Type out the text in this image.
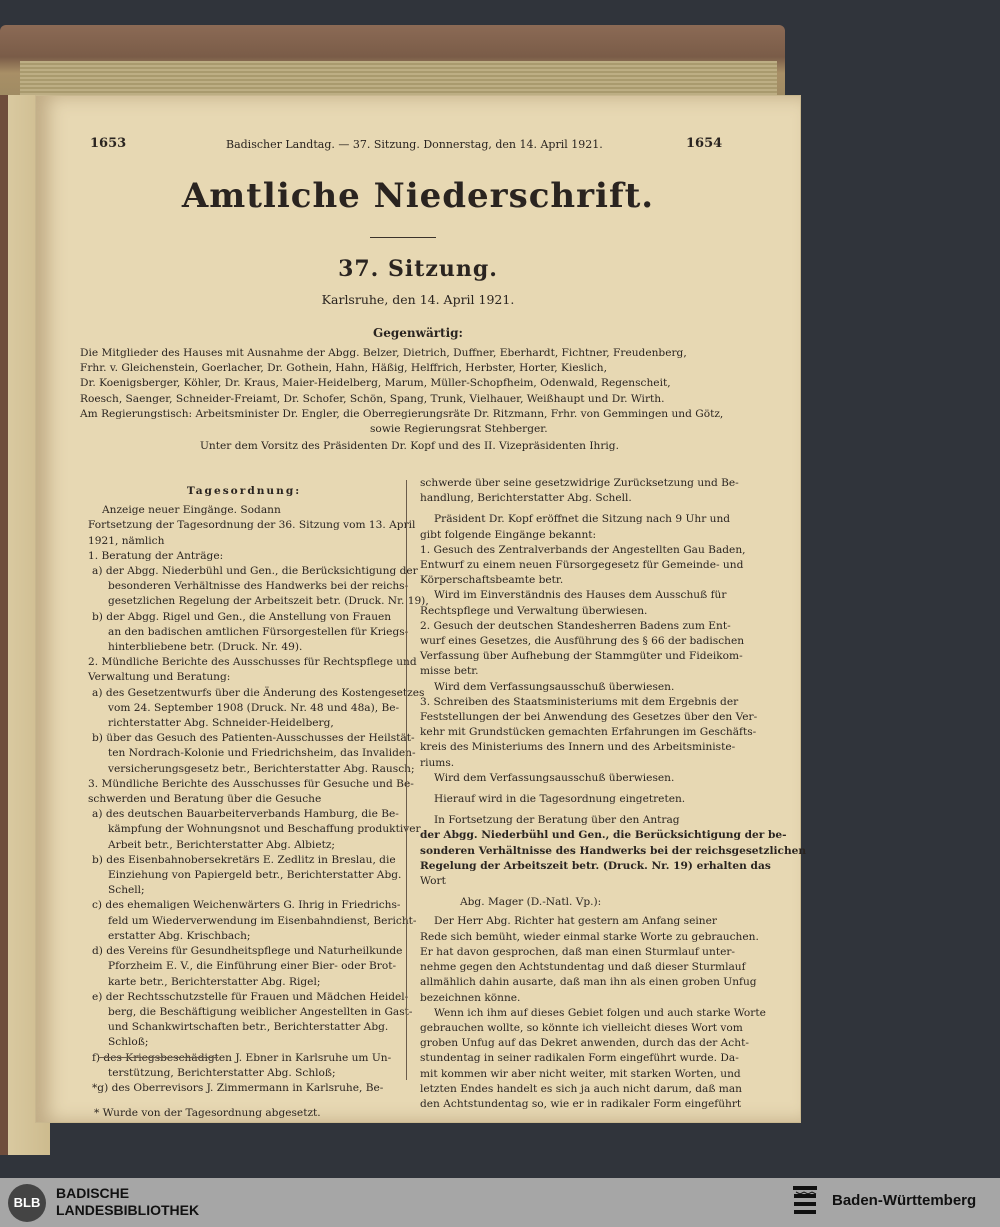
1653	Badischer Landtag. — 37. Sitzung. Donnerstag, den 14. April 1921.	1654
Amtliche Niederschrift.
37. Sitzung.
Karlsruhe, den 14. April 1921.
Gegenwärtig:
Die Mitglieder des Hauses mit Ausnahme der Abgg. Belzer, Dietrich, Duffner, Eberhardt, Fichtner, Freudenberg,
Frhr. v. Gleichenstein, Goerlacher, Dr. Gothein, Hahn, Häßig, Helffrich, Herbster, Horter, Kieslich,
Dr. Koenigsberger, Köhler, Dr. Kraus, Maier-Heidelberg, Marum, Müller-Schopfheim, Odenwald, Regenscheit,
Roesch, Saenger, Schneider-Freiamt, Dr. Schofer, Schön, Spang, Trunk, Vielhauer, Weißhaupt und Dr. Wirth.
Am Regierungstisch: Arbeitsminister Dr. Engler, die Oberregierungsräte Dr. Ritzmann, Frhr. von Gemmingen und Götz,
sowie Regierungsrat Stehberger.
Unter dem Vorsitz des Präsidenten Dr. Kopf und des II. Vizepräsidenten Ihrig.
Tagesordnung:
Anzeige neuer Eingänge. Sodann
Fortsetzung der Tagesordnung der 36. Sitzung vom 13. April
1921, nämlich
1. Beratung der Anträge:
a) der Abgg. Niederbühl und Gen., die Berücksichtigung der
besonderen Verhältnisse des Handwerks bei der reichs-
gesetzlichen Regelung der Arbeitszeit betr. (Druck. Nr. 19),
b) der Abgg. Rigel und Gen., die Anstellung von Frauen
an den badischen amtlichen Fürsorgestellen für Kriegs-
hinterbliebene betr. (Druck. Nr. 49).
2. Mündliche Berichte des Ausschusses für Rechtspflege und
Verwaltung und Beratung:
a) des Gesetzentwurfs über die Änderung des Kostengesetzes
vom 24. September 1908 (Druck. Nr. 48 und 48a), Be-
richterstatter Abg. Schneider-Heidelberg,
b) über das Gesuch des Patienten-Ausschusses der Heilstät-
ten Nordrach-Kolonie und Friedrichsheim, das Invaliden-
versicherungsgesetz betr., Berichterstatter Abg. Rausch;
3. Mündliche Berichte des Ausschusses für Gesuche und Be-
schwerden und Beratung über die Gesuche
a) des deutschen Bauarbeiterverbands Hamburg, die Be-
kämpfung der Wohnungsnot und Beschaffung produktiver
Arbeit betr., Berichterstatter Abg. Albietz;
b) des Eisenbahnobersekretärs E. Zedlitz in Breslau, die
Einziehung von Papiergeld betr., Berichterstatter Abg.
Schell;
c) des ehemaligen Weichenwärters G. Ihrig in Friedrichs-
feld um Wiederverwendung im Eisenbahndienst, Bericht-
erstatter Abg. Krischbach;
d) des Vereins für Gesundheitspflege und Naturheilkunde
Pforzheim E. V., die Einführung einer Bier- oder Brot-
karte betr., Berichterstatter Abg. Rigel;
e) der Rechtsschutzstelle für Frauen und Mädchen Heidel-
berg, die Beschäftigung weiblicher Angestellten in Gast-
und Schankwirtschaften betr., Berichterstatter Abg.
Schloß;
f) des Kriegsbeschädigten J. Ebner in Karlsruhe um Un-
terstützung, Berichterstatter Abg. Schloß;
*g) des Oberrevisors J. Zimmermann in Karlsruhe, Be-
* Wurde von der Tagesordnung abgesetzt.
schwerde über seine gesetzwidrige Zurücksetzung und Be-
handlung, Berichterstatter Abg. Schell.
Präsident Dr. Kopf eröffnet die Sitzung nach 9 Uhr und
gibt folgende Eingänge bekannt:
1. Gesuch des Zentralverbands der Angestellten Gau Baden,
Entwurf zu einem neuen Fürsorgegesetz für Gemeinde- und
Körperschaftsbeamte betr.
Wird im Einverständnis des Hauses dem Ausschuß für
Rechtspflege und Verwaltung überwiesen.
2. Gesuch der deutschen Standesherren Badens zum Ent-
wurf eines Gesetzes, die Ausführung des § 66 der badischen
Verfassung über Aufhebung der Stammgüter und Fideikom-
misse betr.
Wird dem Verfassungsausschuß überwiesen.
3. Schreiben des Staatsministeriums mit dem Ergebnis der
Feststellungen der bei Anwendung des Gesetzes über den Ver-
kehr mit Grundstücken gemachten Erfahrungen im Geschäfts-
kreis des Ministeriums des Innern und des Arbeitsministe-
riums.
Wird dem Verfassungsausschuß überwiesen.
Hierauf wird in die Tagesordnung eingetreten.
In Fortsetzung der Beratung über den Antrag
der Abgg. Niederbühl und Gen., die Berücksichtigung der be-
sonderen Verhältnisse des Handwerks bei der reichsgesetzlichen
Regelung der Arbeitszeit betr. (Druck. Nr. 19) erhalten das
Wort
Abg. Mager (D.-Natl. Vp.):
Der Herr Abg. Richter hat gestern am Anfang seiner
Rede sich bemüht, wieder einmal starke Worte zu gebrauchen.
Er hat davon gesprochen, daß man einen Sturmlauf unter-
nehme gegen den Achtstundentag und daß dieser Sturmlauf
allmählich dahin ausarte, daß man ihn als einen groben Unfug
bezeichnen könne.
Wenn ich ihm auf dieses Gebiet folgen und auch starke Worte
gebrauchen wollte, so könnte ich vielleicht dieses Wort vom
groben Unfug auf das Dekret anwenden, durch das der Acht-
stundentag in seiner radikalen Form eingeführt wurde. Da-
mit kommen wir aber nicht weiter, mit starken Worten, und
letzten Endes handelt es sich ja auch nicht darum, daß man
den Achtstundentag so, wie er in radikaler Form eingeführt
BLB
BADISCHE
LANDESBIBLIOTHEK
Baden-Württemberg
